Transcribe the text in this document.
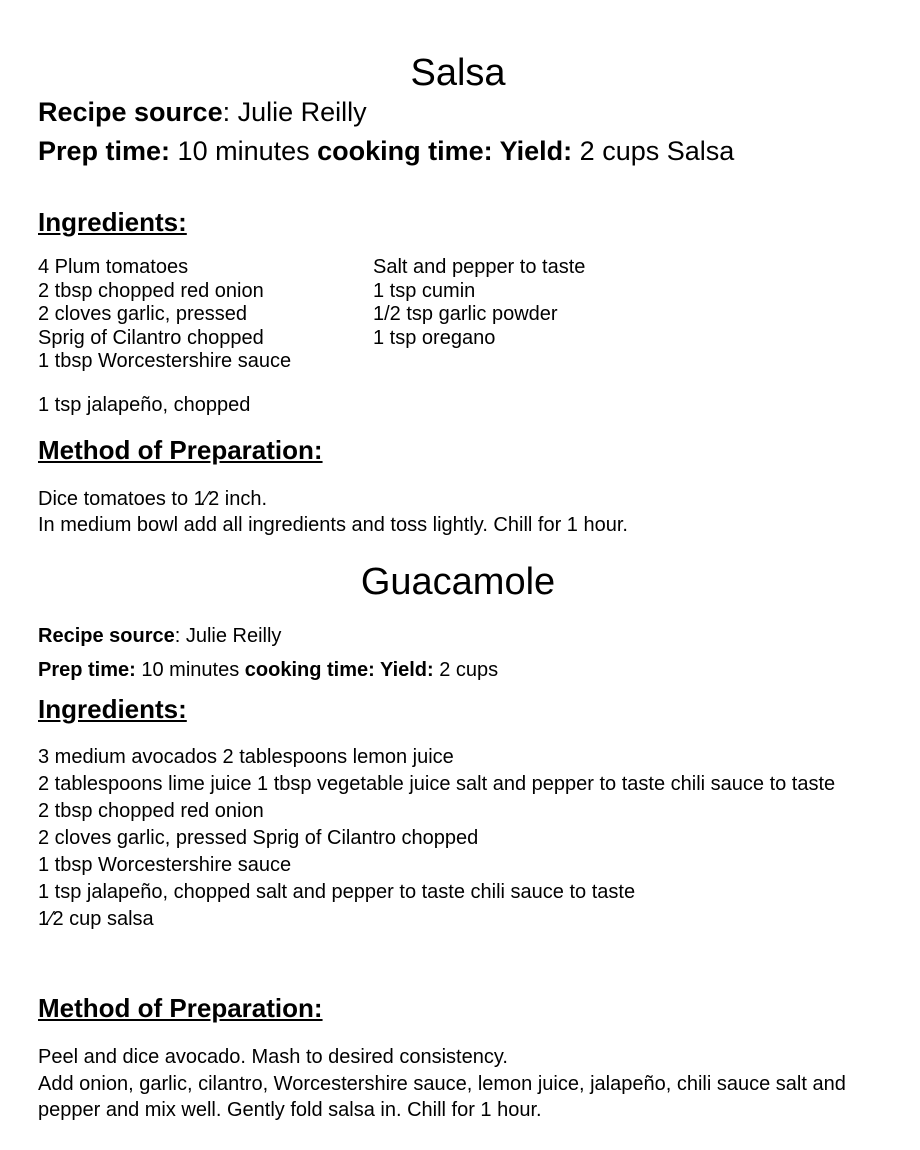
Salsa
Recipe source: Julie Reilly
Prep time: 10 minutes cooking time: Yield: 2 cups Salsa
Ingredients:
4 Plum tomatoes
2 tbsp chopped red onion
2 cloves garlic, pressed
Sprig of Cilantro chopped
1 tbsp Worcestershire sauce
Salt and pepper to taste
1 tsp cumin
1/2 tsp garlic powder
1 tsp oregano
1 tsp jalapeño, chopped
Method of Preparation:
Dice tomatoes to 1⁄2 inch.
In medium bowl add all ingredients and toss lightly. Chill for 1 hour.
Guacamole
Recipe source: Julie Reilly
Prep time: 10 minutes cooking time: Yield: 2 cups
Ingredients:
3 medium avocados 2 tablespoons lemon juice
2 tablespoons lime juice 1 tbsp vegetable juice salt and pepper to taste chili sauce to taste
2 tbsp chopped red onion
2 cloves garlic, pressed Sprig of Cilantro chopped
1 tbsp Worcestershire sauce
1 tsp jalapeño, chopped salt and pepper to taste chili sauce to taste
1⁄2 cup salsa
Method of Preparation:
Peel and dice avocado. Mash to desired consistency.
Add onion, garlic, cilantro, Worcestershire sauce, lemon juice, jalapeño, chili sauce salt and pepper and mix well. Gently fold salsa in. Chill for 1 hour.
